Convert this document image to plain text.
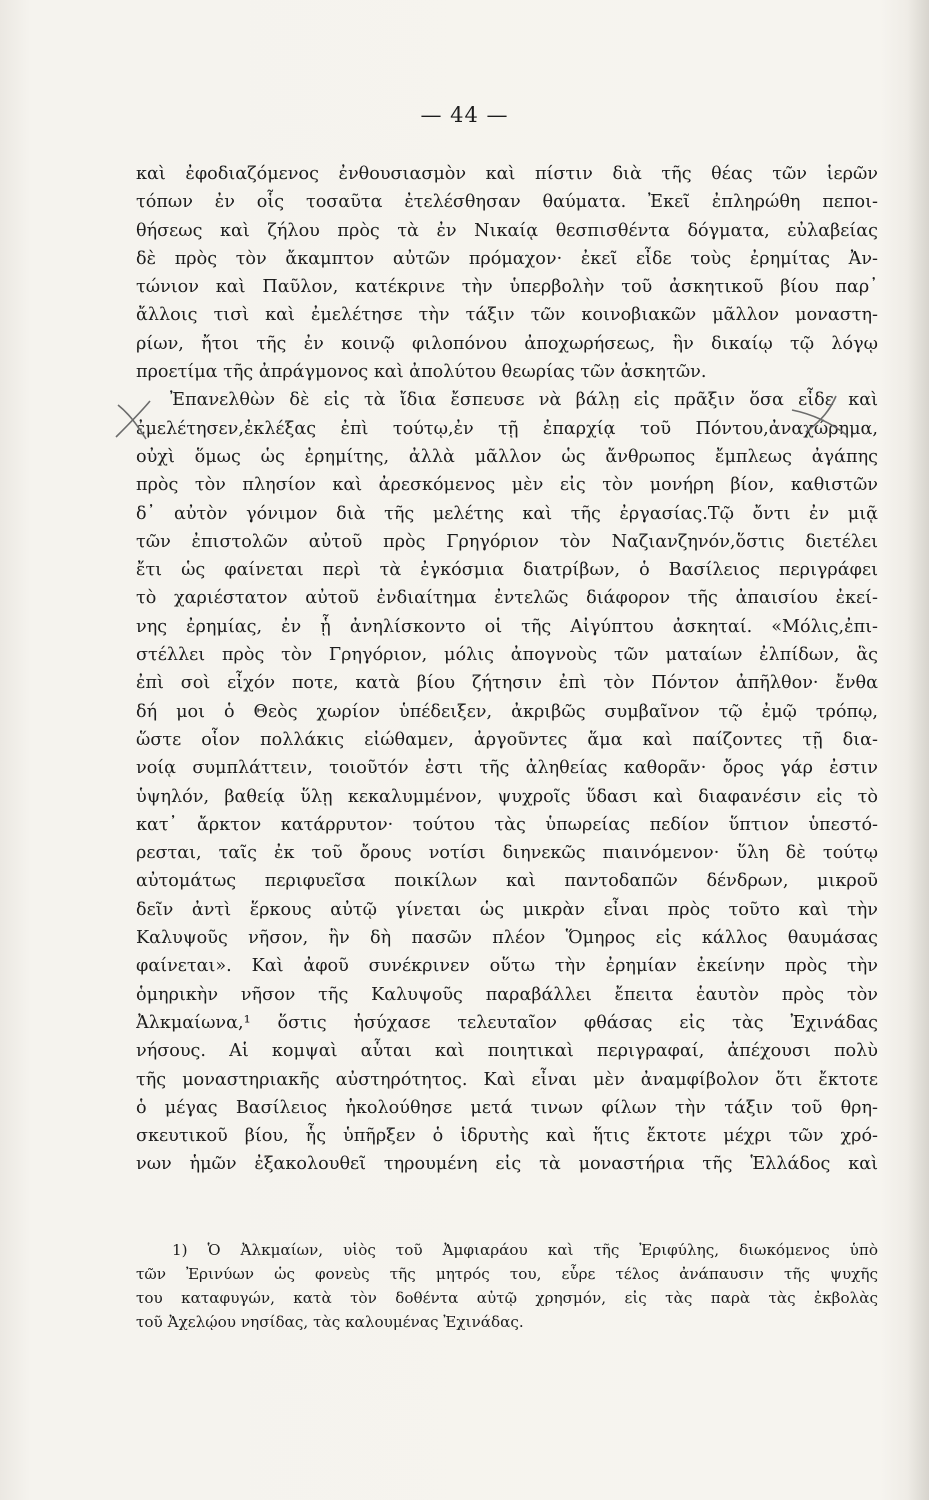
— 44 —
καὶ ἐφοδιαζόμενος ἐνθουσιασμὸν καὶ πίστιν διὰ τῆς θέας τῶν ἱερῶν
τόπων ἐν οἷς τοσαῦτα ἐτελέσθησαν θαύματα. Ἐκεῖ ἐπληρώθη πεποι-
θήσεως καὶ ζήλου πρὸς τὰ ἐν Νικαίᾳ θεσπισθέντα δόγματα, εὐλαβείας
δὲ πρὸς τὸν ἄκαμπτον αὐτῶν πρόμαχον· ἐκεῖ εἶδε τοὺς ἐρημίτας Ἀν-
τώνιον καὶ Παῦλον, κατέκρινε τὴν ὑπερβολὴν τοῦ ἀσκητικοῦ βίου παρ᾽
ἄλλοις τισὶ καὶ ἐμελέτησε τὴν τάξιν τῶν κοινοβιακῶν μᾶλλον μοναστη-
ρίων, ἤτοι τῆς ἐν κοινῷ φιλοπόνου ἀποχωρήσεως, ἣν δικαίῳ τῷ λόγῳ
προετίμα τῆς ἀπράγμονος καὶ ἀπολύτου θεωρίας τῶν ἀσκητῶν.
Ἐπανελθὼν δὲ εἰς τὰ ἴδια ἔσπευσε νὰ βάλῃ εἰς πρᾶξιν ὅσα εἶδε καὶ
ἐμελέτησεν,ἐκλέξας ἐπὶ τούτῳ,ἐν τῇ ἐπαρχίᾳ τοῦ Πόντου,ἀναχώρημα,
οὐχὶ ὅμως ὡς ἐρημίτης, ἀλλὰ μᾶλλον ὡς ἄνθρωπος ἔμπλεως ἀγάπης
πρὸς τὸν πλησίον καὶ ἀρεσκόμενος μὲν εἰς τὸν μονήρη βίον, καθιστῶν
δ᾽ αὐτὸν γόνιμον διὰ τῆς μελέτης καὶ τῆς ἐργασίας.Τῷ ὄντι ἐν μιᾷ
τῶν ἐπιστολῶν αὐτοῦ πρὸς Γρηγόριον τὸν Ναζιανζηνόν,ὅστις διετέλει
ἔτι ὡς φαίνεται περὶ τὰ ἐγκόσμια διατρίβων, ὁ Βασίλειος περιγράφει
τὸ χαριέστατον αὐτοῦ ἐνδιαίτημα ἐντελῶς διάφορον τῆς ἀπαισίου ἐκεί-
νης ἐρημίας, ἐν ᾗ ἀνηλίσκοντο οἱ τῆς Αἰγύπτου ἀσκηταί. «Μόλις,ἐπι-
στέλλει πρὸς τὸν Γρηγόριον, μόλις ἀπογνοὺς τῶν ματαίων ἐλπίδων, ἃς
ἐπὶ σοὶ εἶχόν ποτε, κατὰ βίου ζήτησιν ἐπὶ τὸν Πόντον ἀπῆλθον· ἔνθα
δή μοι ὁ Θεὸς χωρίον ὑπέδειξεν, ἀκριβῶς συμβαῖνον τῷ ἐμῷ τρόπῳ,
ὥστε οἷον πολλάκις εἰώθαμεν, ἀργοῦντες ἅμα καὶ παίζοντες τῇ δια-
νοίᾳ συμπλάττειν, τοιοῦτόν ἐστι τῆς ἀληθείας καθορᾶν· ὄρος γάρ ἐστιν
ὑψηλόν, βαθείᾳ ὕλῃ κεκαλυμμένον, ψυχροῖς ὕδασι καὶ διαφανέσιν εἰς τὸ
κατ᾽ ἄρκτον κατάρρυτον· τούτου τὰς ὑπωρείας πεδίον ὕπτιον ὑπεστό-
ρεσται, ταῖς ἐκ τοῦ ὄρους νοτίσι διηνεκῶς πιαινόμενον· ὕλη δὲ τούτῳ
αὐτομάτως περιφυεῖσα ποικίλων καὶ παντοδαπῶν δένδρων, μικροῦ
δεῖν ἀντὶ ἕρκους αὐτῷ γίνεται ὡς μικρὰν εἶναι πρὸς τοῦτο καὶ τὴν
Καλυψοῦς νῆσον, ἣν δὴ πασῶν πλέον Ὅμηρος εἰς κάλλος θαυμάσας
φαίνεται». Καὶ ἀφοῦ συνέκρινεν οὕτω τὴν ἐρημίαν ἐκείνην πρὸς τὴν
ὁμηρικὴν νῆσον τῆς Καλυψοῦς παραβάλλει ἔπειτα ἑαυτὸν πρὸς τὸν
Ἀλκμαίωνα,¹ ὅστις ἡσύχασε τελευταῖον φθάσας εἰς τὰς Ἐχινάδας
νήσους. Αἱ κομψαὶ αὗται καὶ ποιητικαὶ περιγραφαί, ἀπέχουσι πολὺ
τῆς μοναστηριακῆς αὐστηρότητος. Καὶ εἶναι μὲν ἀναμφίβολον ὅτι ἔκτοτε
ὁ μέγας Βασίλειος ἠκολούθησε μετά τινων φίλων τὴν τάξιν τοῦ θρη-
σκευτικοῦ βίου, ἧς ὑπῆρξεν ὁ ἱδρυτὴς καὶ ἥτις ἔκτοτε μέχρι τῶν χρό-
νων ἡμῶν ἐξακολουθεῖ τηρουμένη εἰς τὰ μοναστήρια τῆς Ἑλλάδος καὶ
1) Ὁ Ἀλκμαίων, υἱὸς τοῦ Ἀμφιαράου καὶ τῆς Ἐριφύλης, διωκόμενος ὑπὸ
τῶν Ἐρινύων ὡς φονεὺς τῆς μητρός του, εὗρε τέλος ἀνάπαυσιν τῆς ψυχῆς
του καταφυγών, κατὰ τὸν δοθέντα αὐτῷ χρησμόν, εἰς τὰς παρὰ τὰς ἐκβολὰς
τοῦ Ἀχελῴου νησίδας, τὰς καλουμένας Ἐχινάδας.
